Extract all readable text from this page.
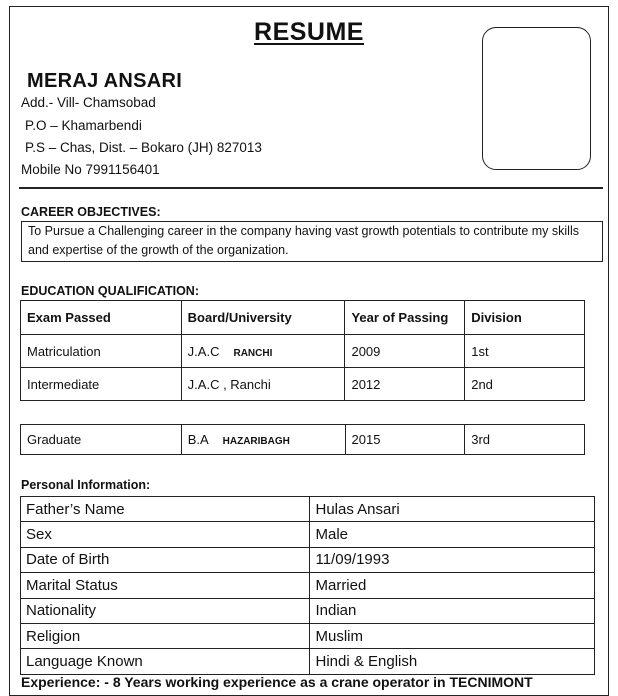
RESUME
MERAJ ANSARI
Add.- Vill- Chamsobad
P.O – Khamarbendi
P.S – Chas, Dist. – Bokaro (JH) 827013
Mobile No 7991156401
CAREER OBJECTIVES:
To Pursue a Challenging career in the company having vast growth potentials to contribute my skills and expertise of the growth of the organization.
EDUCATION QUALIFICATION:
Exam Passed	Board/University	Year of Passing	Division
Matriculation	J.A.C RANCHI	2009	1st
Intermediate	J.A.C , Ranchi	2012	2nd
Graduate	B.A HAZARIBAGH	2015	3rd
Personal Information:
Father’s Name	Hulas Ansari
Sex	Male
Date of Birth	11/09/1993
Marital Status	Married
Nationality	Indian
Religion	Muslim
Language Known	Hindi & English
Experience: - 8 Years working experience as a crane operator in TECNIMONT
